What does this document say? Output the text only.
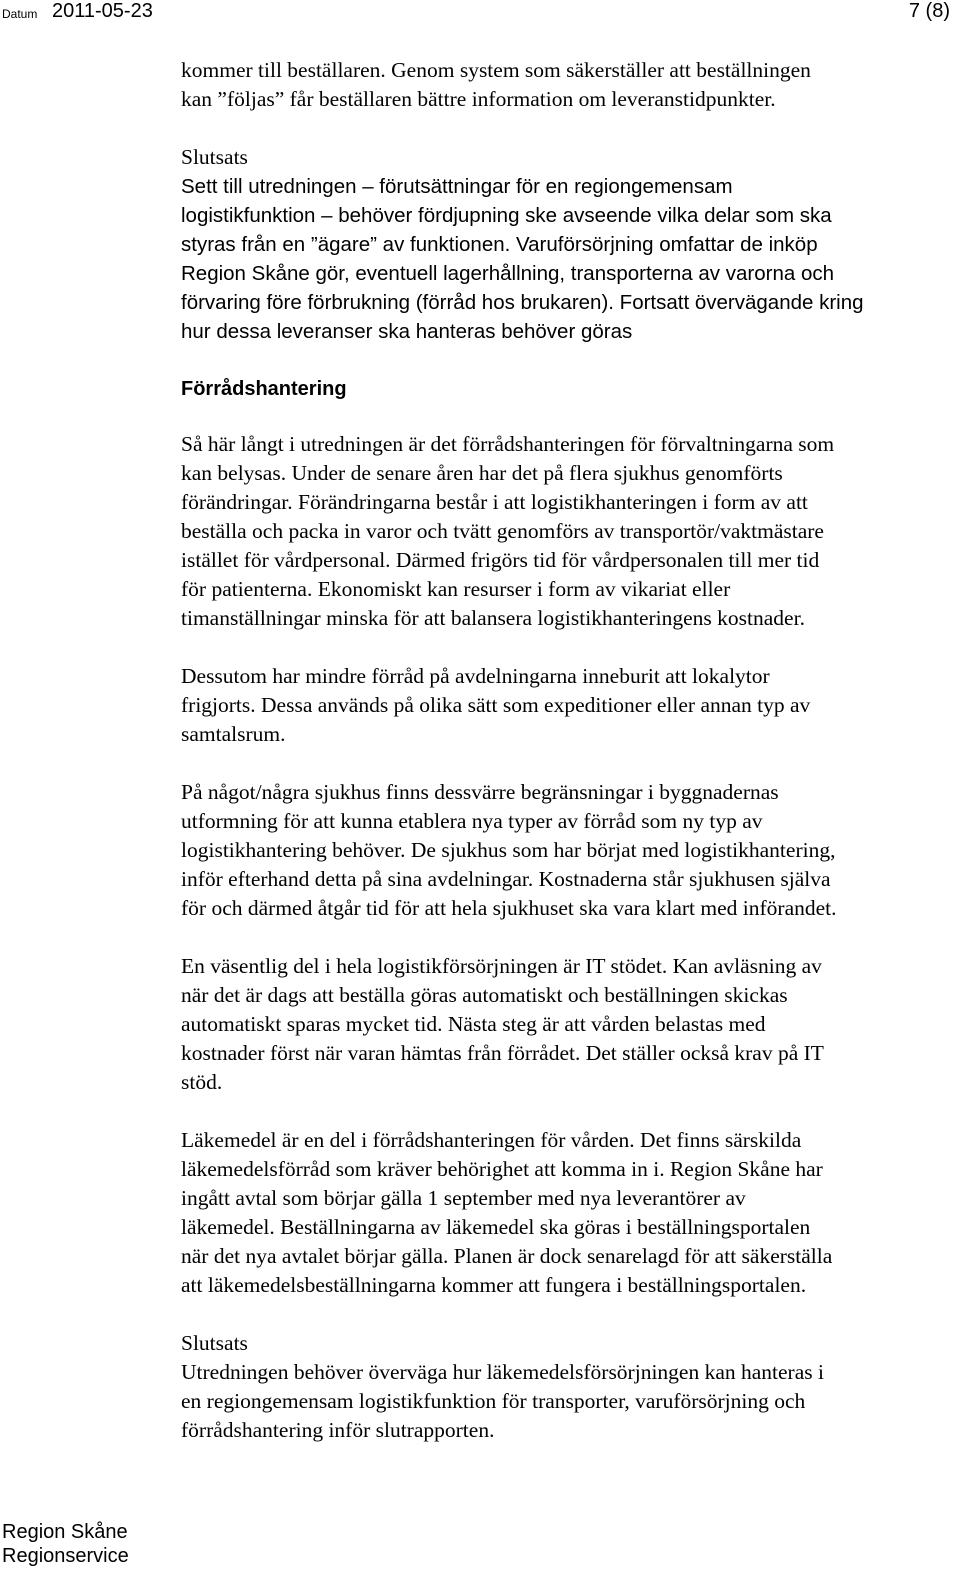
Datum 2011-05-23	7 (8)
kommer till beställaren. Genom system som säkerställer att beställningen
kan ”följas” får beställaren bättre information om leveranstidpunkter.
Slutsats
Sett till utredningen – förutsättningar för en regiongemensam
logistikfunktion – behöver fördjupning ske avseende vilka delar som ska
styras från en ”ägare” av funktionen. Varuförsörjning omfattar de inköp
Region Skåne gör, eventuell lagerhållning, transporterna av varorna och
förvaring före förbrukning (förråd hos brukaren). Fortsatt övervägande kring
hur dessa leveranser ska hanteras behöver göras
Förrådshantering
Så här långt i utredningen är det förrådshanteringen för förvaltningarna som
kan belysas. Under de senare åren har det på flera sjukhus genomförts
förändringar. Förändringarna består i att logistikhanteringen i form av att
beställa och packa in varor och tvätt genomförs av transportör/vaktmästare
istället för vårdpersonal. Därmed frigörs tid för vårdpersonalen till mer tid
för patienterna. Ekonomiskt kan resurser i form av vikariat eller
timanställningar minska för att balansera logistikhanteringens kostnader.
Dessutom har mindre förråd på avdelningarna inneburit att lokalytor
frigjorts. Dessa används på olika sätt som expeditioner eller annan typ av
samtalsrum.
På något/några sjukhus finns dessvärre begränsningar i byggnadernas
utformning för att kunna etablera nya typer av förråd som ny typ av
logistikhantering behöver. De sjukhus som har börjat med logistikhantering,
inför efterhand detta på sina avdelningar. Kostnaderna står sjukhusen själva
för och därmed åtgår tid för att hela sjukhuset ska vara klart med införandet.
En väsentlig del i hela logistikförsörjningen är IT stödet. Kan avläsning av
när det är dags att beställa göras automatiskt och beställningen skickas
automatiskt sparas mycket tid. Nästa steg är att vården belastas med
kostnader först när varan hämtas från förrådet. Det ställer också krav på IT
stöd.
Läkemedel är en del i förrådshanteringen för vården. Det finns särskilda
läkemedelsförråd som kräver behörighet att komma in i. Region Skåne har
ingått avtal som börjar gälla 1 september med nya leverantörer av
läkemedel. Beställningarna av läkemedel ska göras i beställningsportalen
när det nya avtalet börjar gälla. Planen är dock senarelagd för att säkerställa
att läkemedelsbeställningarna kommer att fungera i beställningsportalen.
Slutsats
Utredningen behöver överväga hur läkemedelsförsörjningen kan hanteras i
en regiongemensam logistikfunktion för transporter, varuförsörjning och
förrådshantering inför slutrapporten.
Region Skåne
Regionservice
